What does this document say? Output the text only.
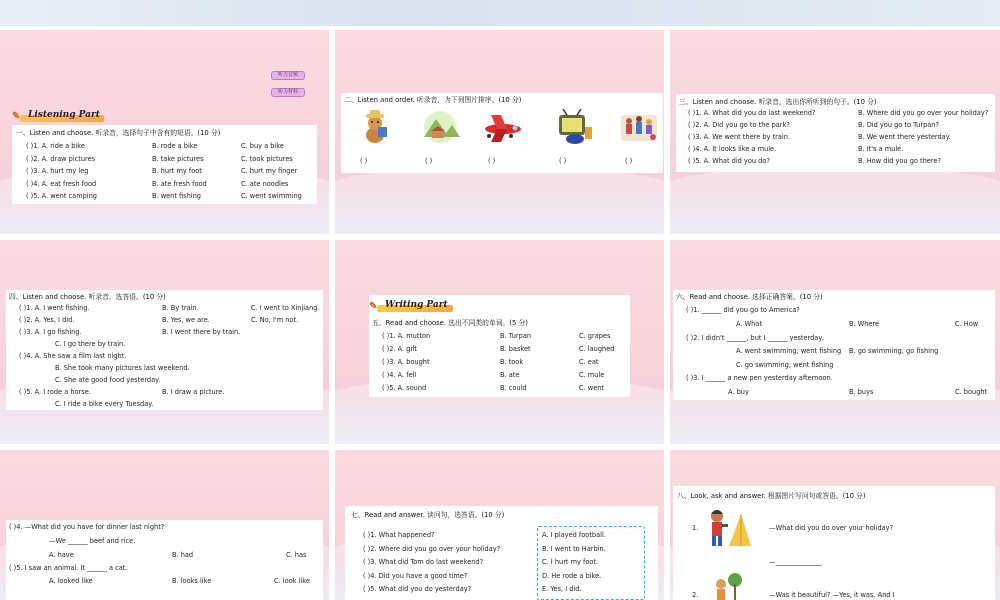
听力音频
听力材料
✎ Listening Part
一、Listen and choose. 听录音，选择句子中含有的短语。(10 分)
( )1. A. ride a bike	B. rode a bike	C. buy a bike
( )2. A. draw pictures	B. take pictures	C. took pictures
( )3. A. hurt my leg	B. hurt my foot	C. hurt my finger
( )4. A. eat fresh food	B. ate fresh food	C. ate noodles
( )5. A. went camping	B. went fishing	C. went swimming
二、Listen and order. 听录音，为下列图片排序。(10 分)
( )	( )	( )	( )	( )
三、Listen and choose. 听录音，选出你所听到的句子。(10 分)
( )1. A. What did you do last weekend?	B. Where did you go over your holiday?
( )2. A. Did you go to the park?	B. Did you go to Turpan?
( )3. A. We went there by train.	B. We went there yesterday.
( )4. A. It looks like a mule.	B. It's a mule.
( )5. A. What did you do?	B. How did you go there?
四、Listen and choose. 听录音，选答语。(10 分)
( )1. A. I went fishing.	B. By train.	C. I went to Xinjiang.
( )2. A. Yes, I did.	B. Yes, we are.	C. No, I'm not.
( )3. A. I go fishing.	B. I went there by train.
C. I go there by train.
( )4. A. She saw a film last night.
B. She took many pictures last weekend.
C. She ate good food yesterday.
( )5. A. I rode a horse.	B. I draw a picture.
C. I ride a bike every Tuesday.
✎ Writing Part
五、Read and choose. 选出不同类的单词。(5 分)
( )1. A. mutton	B. Turpan	C. grapes
( )2. A. gift	B. basket	C. laughed
( )3. A. bought	B. took	C. eat
( )4. A. fell	B. ate	C. mule
( )5. A. sound	B. could	C. went
六、Read and choose. 选择正确答案。(10 分)
( )1. ______ did you go to America?
A. What	B. Where	C. How
( )2. I didn't ______, but I ______ yesterday.
A. went swimming; went fishing B. go swimming; go fishing
C. go swimming; went fishing
( )3. I ______ a new pen yesterday afternoon.
A. buy	B. buys	C. bought
( )4. —What did you have for dinner last night?
—We ______ beef and rice.
A. have	B. had	C. has
( )5. I saw an animal. It ______ a cat.
A. looked like	B. looks like	C. look like
七、Read and answer. 读问句，选答语。(10 分)
( )1. What happened?
( )2. Where did you go over your holiday?
( )3. What did Tom do last weekend?
( )4. Did you have a good time?
( )5. What did you do yesterday?
A. I played football.
B. I went to Harbin.
C. I hurt my foot.
D. He rode a bike.
E. Yes, I did.
八、Look, ask and answer. 根据图片写问句或答语。(10 分)
1.	—What did you do over your holiday?
—______________
2.	—Was it beautiful? —Yes, it was. And I
